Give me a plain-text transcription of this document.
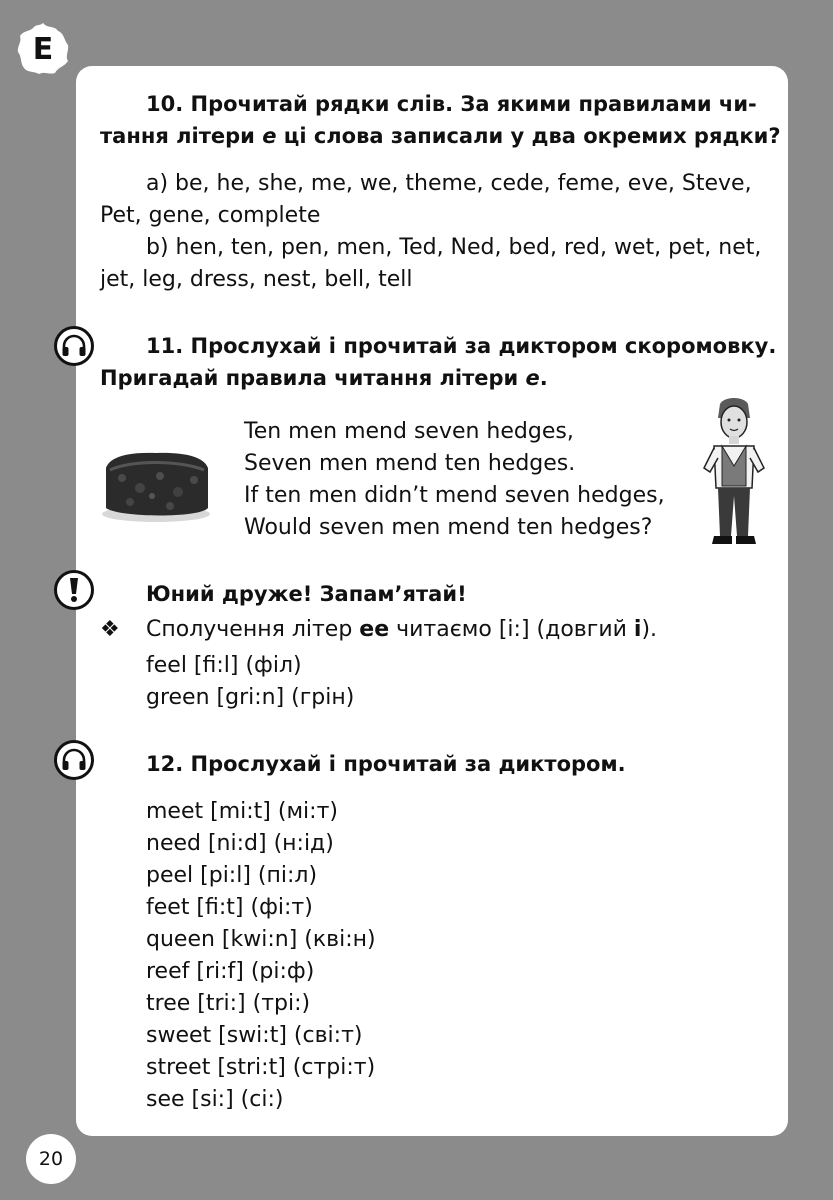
E
10. Прочитай рядки слів. За якими правилами чи-
тання літери е ці слова записали у два окремих рядки?
a) be, he, she, me, we, theme, cede, feme, eve, Steve,
Pet, gene, complete
b) hen, ten, pen, men, Ted, Ned, bed, red, wet, pet, net,
jet, leg, dress, nest, bell, tell
11. Прослухай і прочитай за диктором скоромовку.
Пригадай правила читання літери е.
Ten men mend seven hedges,
Seven men mend ten hedges.
If ten men didn’t mend seven hedges,
Would seven men mend ten hedges?
Юний друже! Запам’ятай!
❖ Сполучення літер ee читаємо [i:] (довгий i).
feel [fi:l] (філ)
green [gri:n] (грін)
12. Прослухай і прочитай за диктором.
meet [mi:t] (мі:т)
need [ni:d] (н:ід)
peel [pi:l] (пі:л)
feet [fi:t] (фі:т)
queen [kwi:n] (кві:н)
reef [ri:f] (рі:ф)
tree [tri:] (трі:)
sweet [swi:t] (сві:т)
street [stri:t] (стрі:т)
see [si:] (сі:)
20
